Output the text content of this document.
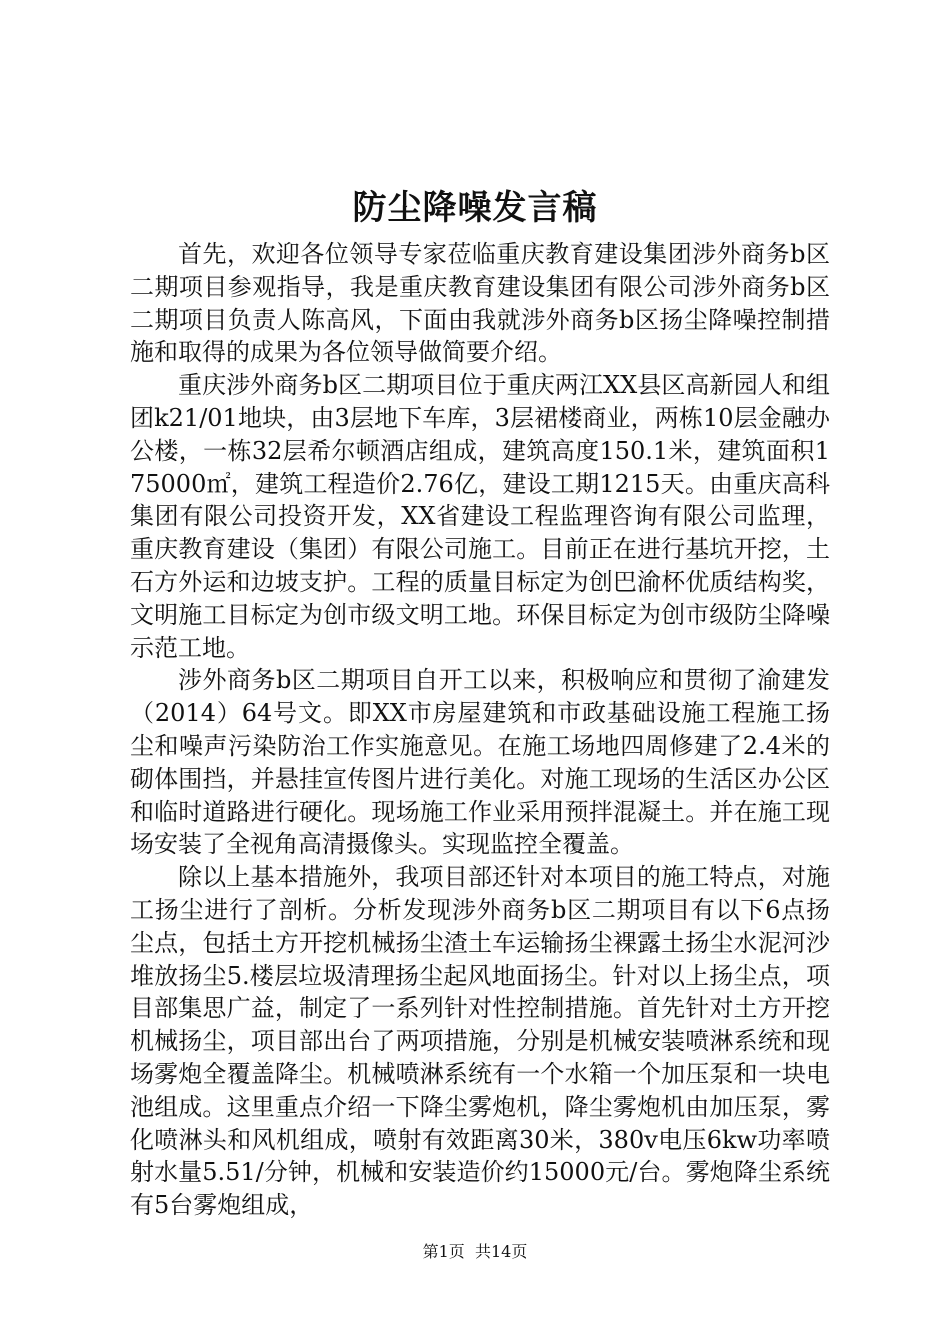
防尘降噪发言稿

首先，欢迎各位领导专家莅临重庆教育建设集团涉外商务b区二期项目参观指导，我是重庆教育建设集团有限公司涉外商务b区二期项目负责人陈高风，下面由我就涉外商务b区扬尘降噪控制措施和取得的成果为各位领导做简要介绍。

重庆涉外商务b区二期项目位于重庆两江XX县区高新园人和组团k21/01地块，由3层地下车库，3层裙楼商业，两栋10层金融办公楼，一栋32层希尔顿酒店组成，建筑高度150.1米，建筑面积175000㎡，建筑工程造价2.76亿，建设工期1215天。由重庆高科集团有限公司投资开发，XX省建设工程监理咨询有限公司监理，重庆教育建设（集团）有限公司施工。目前正在进行基坑开挖，土石方外运和边坡支护。工程的质量目标定为创巴渝杯优质结构奖，文明施工目标定为创市级文明工地。环保目标定为创市级防尘降噪示范工地。

涉外商务b区二期项目自开工以来，积极响应和贯彻了渝建发（2014）64号文。即XX市房屋建筑和市政基础设施工程施工扬尘和噪声污染防治工作实施意见。在施工场地四周修建了2.4米的砌体围挡，并悬挂宣传图片进行美化。对施工现场的生活区办公区和临时道路进行硬化。现场施工作业采用预拌混凝土。并在施工现场安装了全视角高清摄像头。实现监控全覆盖。

除以上基本措施外，我项目部还针对本项目的施工特点，对施工扬尘进行了剖析。分析发现涉外商务b区二期项目有以下6点扬尘点，包括土方开挖机械扬尘渣土车运输扬尘裸露土扬尘水泥河沙堆放扬尘5.楼层垃圾清理扬尘起风地面扬尘。针对以上扬尘点，项目部集思广益，制定了一系列针对性控制措施。首先针对土方开挖机械扬尘，项目部出台了两项措施，分别是机械安装喷淋系统和现场雾炮全覆盖降尘。机械喷淋系统有一个水箱一个加压泵和一块电池组成。这里重点介绍一下降尘雾炮机，降尘雾炮机由加压泵，雾化喷淋头和风机组成，喷射有效距离30米，380v电压6kw功率喷射水量5.51/分钟，机械和安装造价约15000元/台。雾炮降尘系统有5台雾炮组成，

第1页 共14页
